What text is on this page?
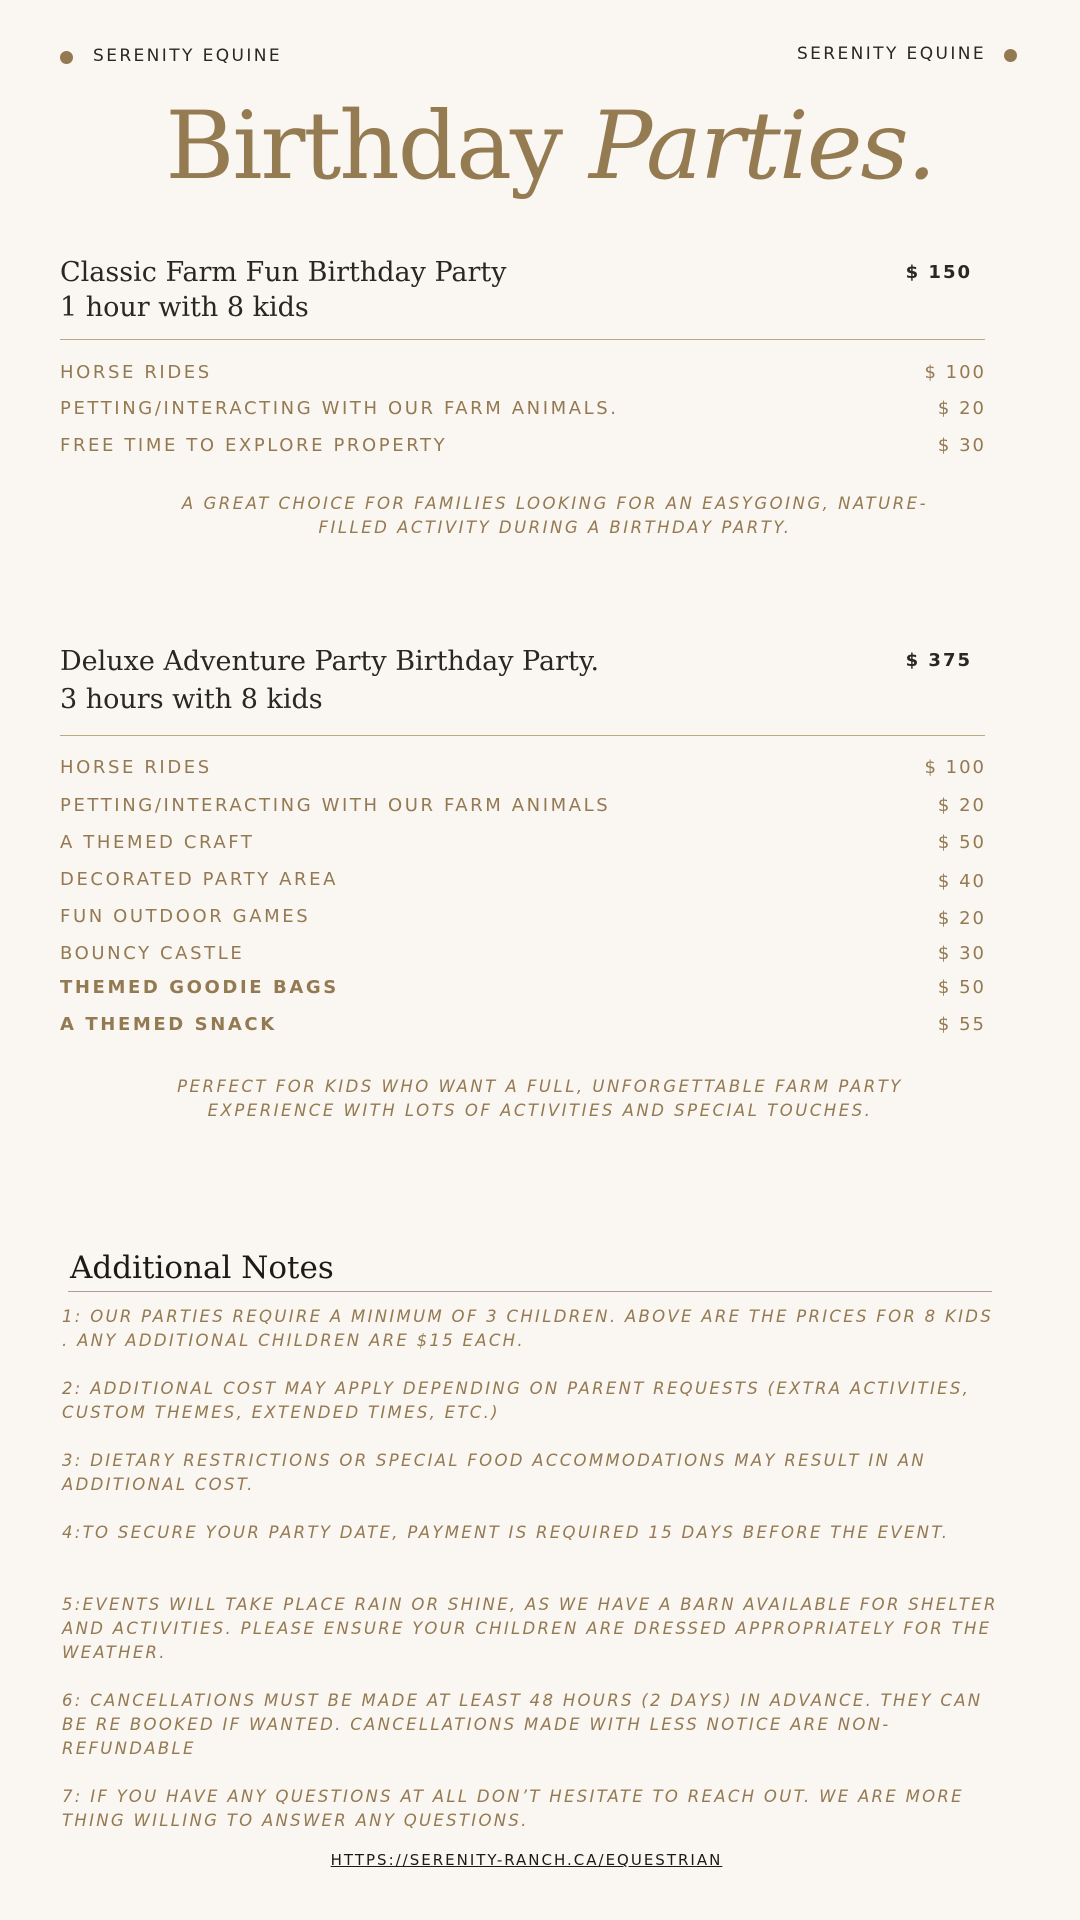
SERENITY EQUINE	SERENITY EQUINE
Birthday Parties.
Classic Farm Fun Birthday Party
1 hour with 8 kids
$ 150
HORSE RIDES	$ 100
PETTING/INTERACTING WITH OUR FARM ANIMALS.	$ 20
FREE TIME TO EXPLORE PROPERTY	$ 30
A GREAT CHOICE FOR FAMILIES LOOKING FOR AN EASYGOING, NATURE-FILLED ACTIVITY DURING A BIRTHDAY PARTY.
Deluxe Adventure Party Birthday Party.
3 hours with 8 kids
$ 375
HORSE RIDES	$ 100
PETTING/INTERACTING WITH OUR FARM ANIMALS	$ 20
A THEMED CRAFT	$ 50
DECORATED PARTY AREA	$ 40
FUN OUTDOOR GAMES	$ 20
BOUNCY CASTLE	$ 30
THEMED GOODIE BAGS	$ 50
A THEMED SNACK	$ 55
PERFECT FOR KIDS WHO WANT A FULL, UNFORGETTABLE FARM PARTY EXPERIENCE WITH LOTS OF ACTIVITIES AND SPECIAL TOUCHES.
Additional Notes
1: OUR PARTIES REQUIRE A MINIMUM OF 3 CHILDREN. ABOVE ARE THE PRICES FOR 8 KIDS . ANY ADDITIONAL CHILDREN ARE $15 EACH.
2: ADDITIONAL COST MAY APPLY DEPENDING ON PARENT REQUESTS (EXTRA ACTIVITIES, CUSTOM THEMES, EXTENDED TIMES, ETC.)
3: DIETARY RESTRICTIONS OR SPECIAL FOOD ACCOMMODATIONS MAY RESULT IN AN ADDITIONAL COST.
4:TO SECURE YOUR PARTY DATE, PAYMENT IS REQUIRED 15 DAYS BEFORE THE EVENT.
5:EVENTS WILL TAKE PLACE RAIN OR SHINE, AS WE HAVE A BARN AVAILABLE FOR SHELTER AND ACTIVITIES. PLEASE ENSURE YOUR CHILDREN ARE DRESSED APPROPRIATELY FOR THE WEATHER.
6: CANCELLATIONS MUST BE MADE AT LEAST 48 HOURS (2 DAYS) IN ADVANCE. THEY CAN BE RE BOOKED IF WANTED. CANCELLATIONS MADE WITH LESS NOTICE ARE NON-REFUNDABLE
7: IF YOU HAVE ANY QUESTIONS AT ALL DON’T HESITATE TO REACH OUT. WE ARE MORE THING WILLING TO ANSWER ANY QUESTIONS.
HTTPS://SERENITY-RANCH.CA/EQUESTRIAN
